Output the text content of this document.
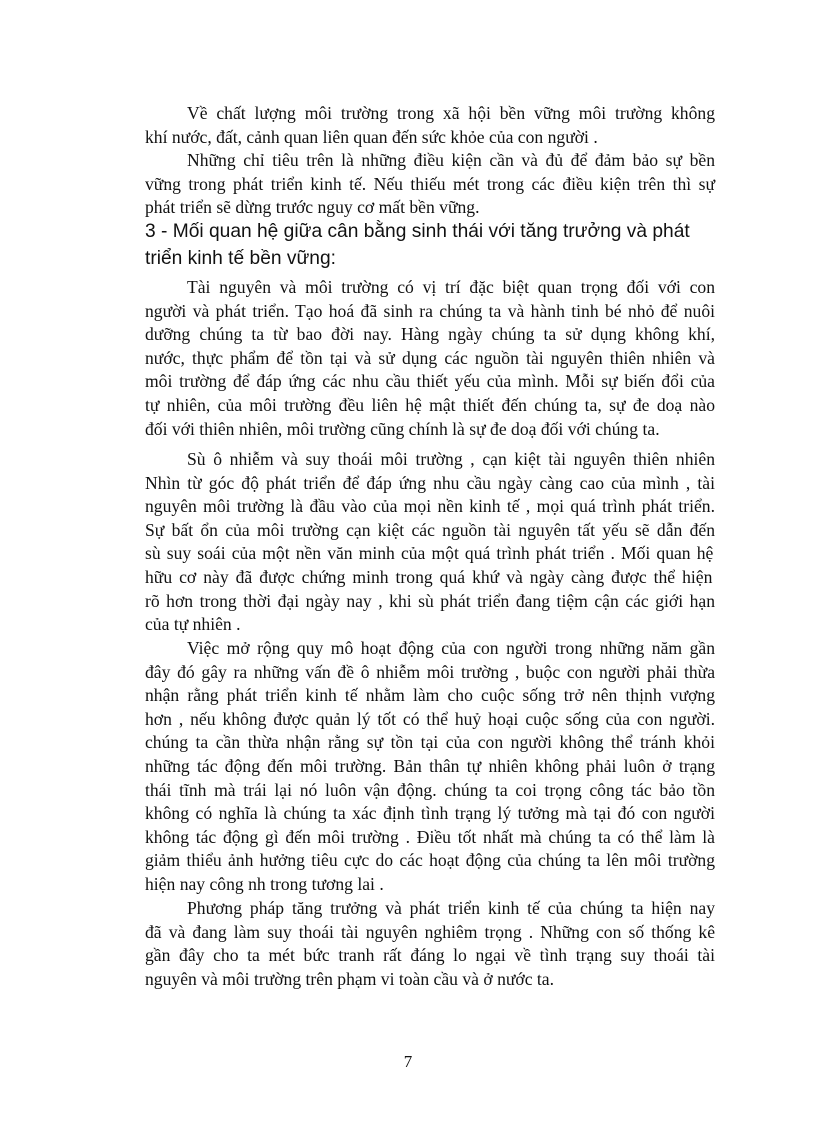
Về chất lượng môi trường trong xã hội bền vững môi trường không
khí nước, đất, cảnh quan liên quan đến sức khỏe của con người .
Những chỉ tiêu trên là những điều kiện cần và đủ để đảm bảo sự bền
vững trong phát triển kinh tế. Nếu thiếu mét trong các điều kiện trên thì sự
phát triển sẽ dừng trước nguy cơ mất bền vững.
3 - Mối quan hệ giữa cân bằng sinh thái với tăng trưởng và phát
triển kinh tế bền vững:
Tài nguyên và môi trường có vị trí đặc biệt quan trọng đối với con
người và phát triển. Tạo hoá đã sinh ra chúng ta và hành tinh bé nhỏ để nuôi
dưỡng chúng ta từ bao đời nay. Hàng ngày chúng ta sử dụng không khí,
nước, thực phẩm để tồn tại và sử dụng các nguồn tài nguyên thiên nhiên và
môi trường để đáp ứng các nhu cầu thiết yếu của mình. Mỗi sự biến đổi của
tự nhiên, của môi trường đều liên hệ mật thiết đến chúng ta, sự đe doạ nào
đối với thiên nhiên, môi trường cũng chính là sự đe doạ đối với chúng ta.
Sù ô nhiễm và suy thoái môi trường , cạn kiệt tài nguyên thiên nhiên
Nhìn từ góc độ phát triển để đáp ứng nhu cầu ngày càng cao của mình , tài
nguyên môi trường là đầu vào của mọi nền kinh tế , mọi quá trình phát triển.
Sự bất ổn của môi trường cạn kiệt các nguồn tài nguyên tất yếu sẽ dẫn đến
sù suy soái của một nền văn minh của một quá trình phát triển . Mối quan hệ
hữu cơ này đã được chứng minh trong quá khứ và ngày càng được thể hiện
rõ hơn trong thời đại ngày nay , khi sù phát triển đang tiệm cận các giới hạn
của tự nhiên .
Việc mở rộng quy mô hoạt động của con người trong những năm gần
đây đó gây ra những vấn đề ô nhiễm môi trường , buộc con người phải thừa
nhận rằng phát triển kinh tế nhằm làm cho cuộc sống trở nên thịnh vượng
hơn , nếu không được quản lý tốt có thể huỷ hoại cuộc sống của con người.
chúng ta cần thừa nhận rằng sự tồn tại của con người không thể tránh khỏi
những tác động đến môi trường. Bản thân tự nhiên không phải luôn ở trạng
thái tĩnh mà trái lại nó luôn vận động. chúng ta coi trọng công tác bảo tồn
không có nghĩa là chúng ta xác định tình trạng lý tưởng mà tại đó con người
không tác động gì đến môi trường . Điều tốt nhất mà chúng ta có thể làm là
giảm thiểu ảnh hưởng tiêu cực do các hoạt động của chúng ta lên môi trường
hiện nay công nh trong tương lai .
Phương pháp tăng trưởng và phát triển kinh tế của chúng ta hiện nay
đã và đang làm suy thoái tài nguyên nghiêm trọng . Những con số thống kê
gần đây cho ta mét bức tranh rất đáng lo ngại về tình trạng suy thoái tài
nguyên và môi trường trên phạm vi toàn cầu và ở nước ta.
7
